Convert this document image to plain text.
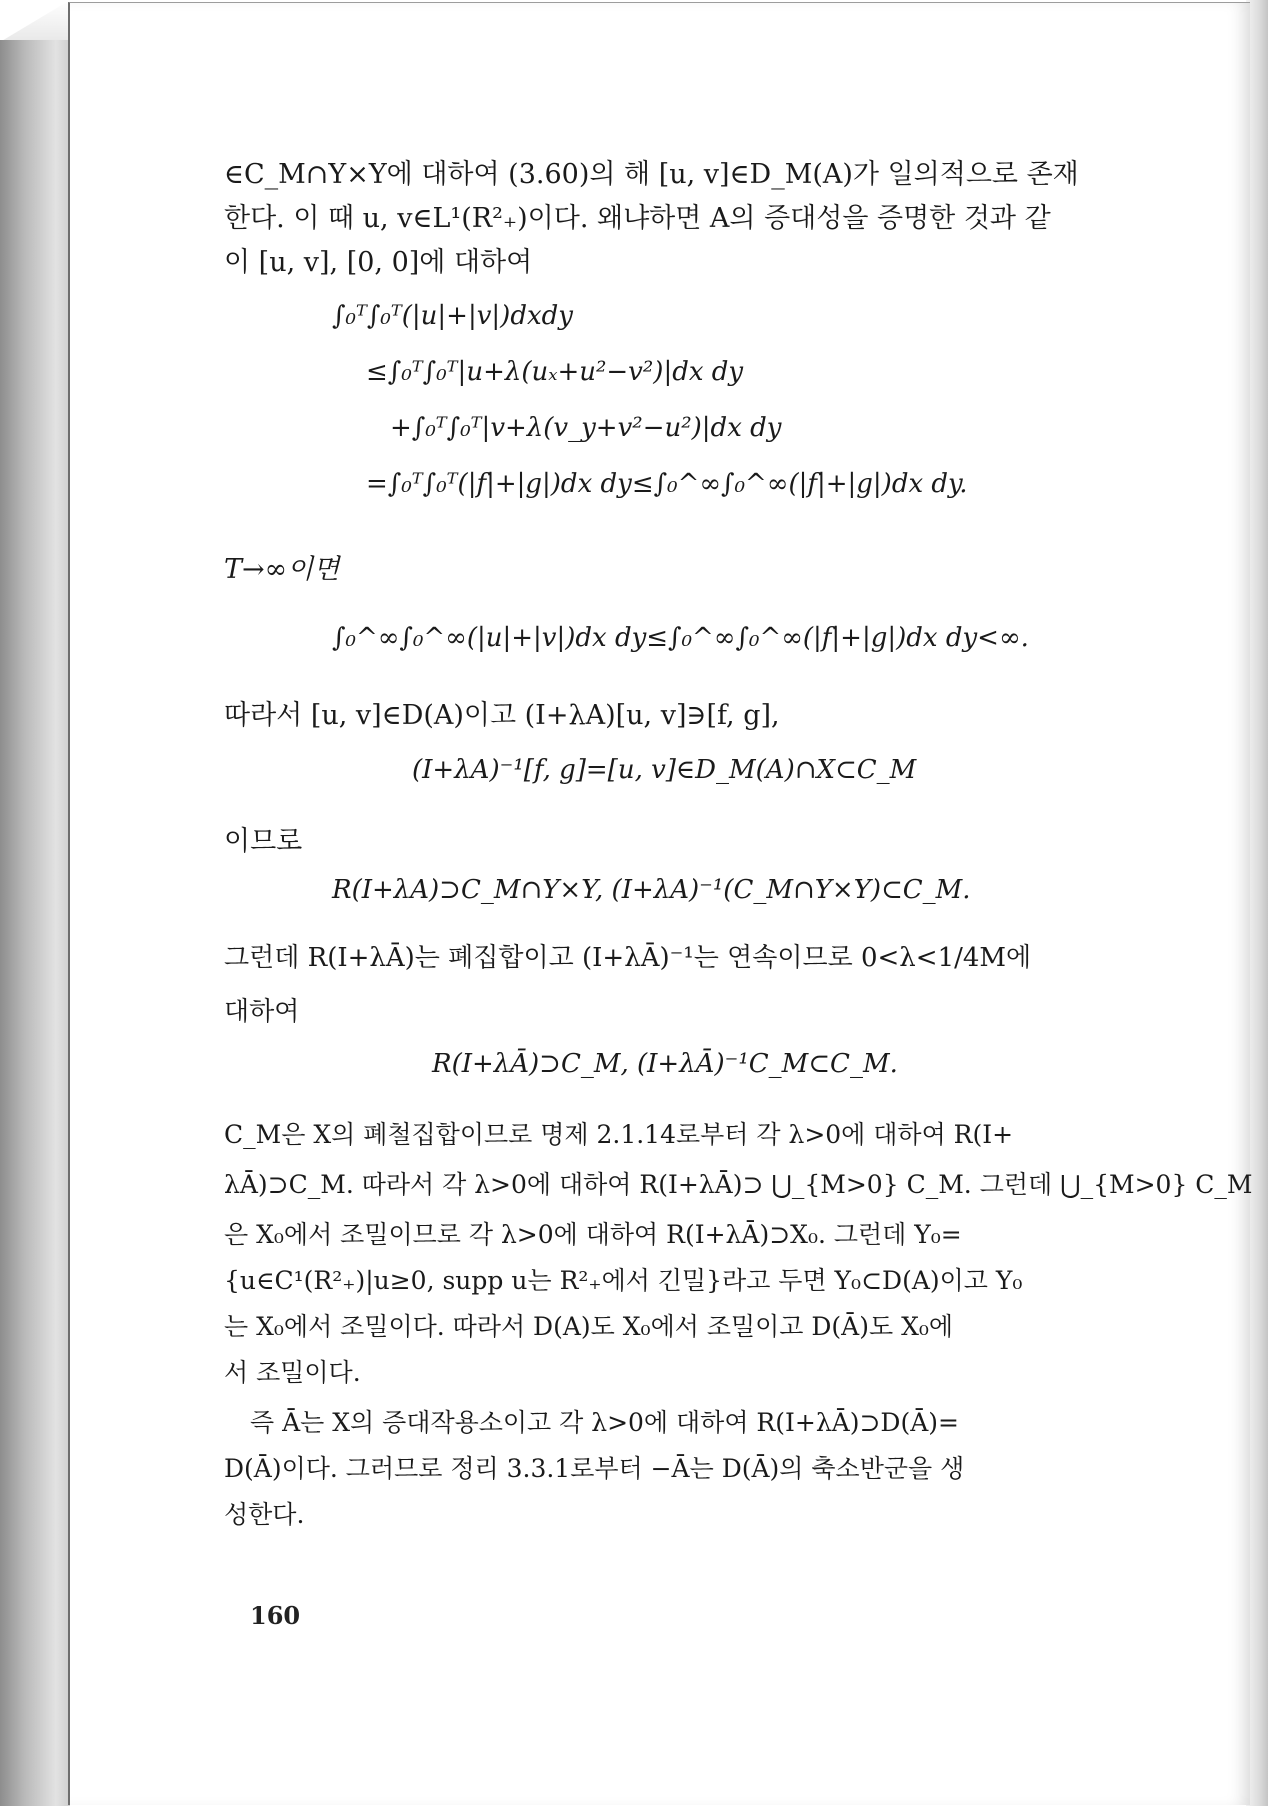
∈C_M∩Y×Y에 대하여 (3.60)의 해 [u, v]∈D_M(A)가 일의적으로 존재
한다. 이 때 u, v∈L¹(R²₊)이다. 왜냐하면 A의 증대성을 증명한 것과 같
이 [u, v], [0, 0]에 대하여
∫₀ᵀ∫₀ᵀ(|u|+|v|)dxdy
≤∫₀ᵀ∫₀ᵀ|u+λ(uₓ+u²−v²)|dx dy
+∫₀ᵀ∫₀ᵀ|v+λ(v_y+v²−u²)|dx dy
=∫₀ᵀ∫₀ᵀ(|f|+|g|)dx dy≤∫₀^∞∫₀^∞(|f|+|g|)dx dy.
T→∞이면
∫₀^∞∫₀^∞(|u|+|v|)dx dy≤∫₀^∞∫₀^∞(|f|+|g|)dx dy<∞.
따라서 [u, v]∈D(A)이고 (I+λA)[u, v]∋[f, g],
(I+λA)⁻¹[f, g]=[u, v]∈D_M(A)∩X⊂C_M
이므로
R(I+λA)⊃C_M∩Y×Y, (I+λA)⁻¹(C_M∩Y×Y)⊂C_M.
그런데 R(I+λĀ)는 폐집합이고 (I+λĀ)⁻¹는 연속이므로 0<λ<1/4M에
대하여
R(I+λĀ)⊃C_M, (I+λĀ)⁻¹C_M⊂C_M.
C_M은 X의 폐철집합이므로 명제 2.1.14로부터 각 λ>0에 대하여 R(I+
λĀ)⊃C_M. 따라서 각 λ>0에 대하여 R(I+λĀ)⊃ ⋃_{M>0} C_M. 그런데 ⋃_{M>0} C_M
은 X₀에서 조밀이므로 각 λ>0에 대하여 R(I+λĀ)⊃X₀. 그런데 Y₀=
{u∈C¹(R²₊)|u≥0, supp u는 R²₊에서 긴밀}라고 두면 Y₀⊂D(A)이고 Y₀
는 X₀에서 조밀이다. 따라서 D(A)도 X₀에서 조밀이고 D(Ā)도 X₀에
서 조밀이다.
즉 Ā는 X의 증대작용소이고 각 λ>0에 대하여 R(I+λĀ)⊃D(Ā)=
D(Ā)이다. 그러므로 정리 3.3.1로부터 −Ā는 D(Ā)의 축소반군을 생
성한다.
160
